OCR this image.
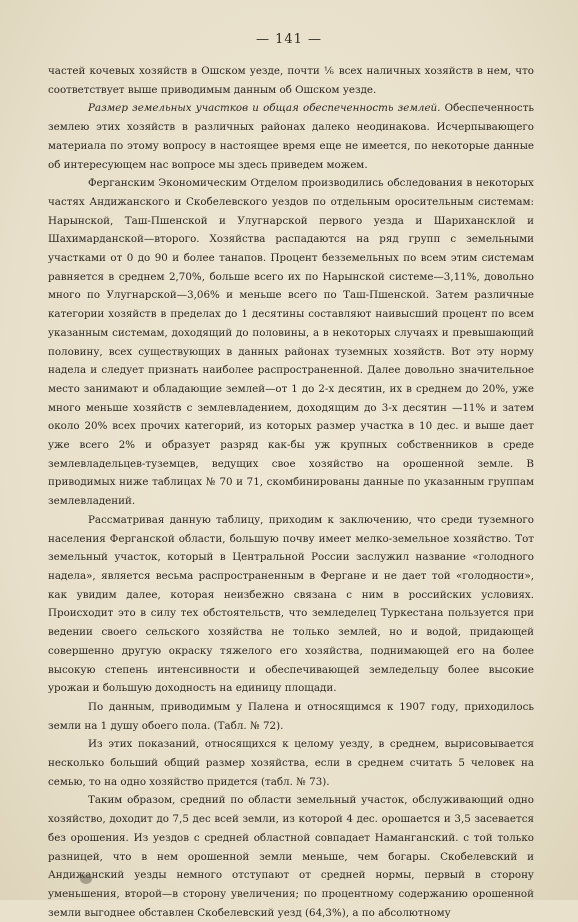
— 141 —

частей кочевых хозяйств в Ошском уезде, почти ⅙ всех наличных хозяйств в нем, что соответствует выше приводимым данным об Ошском уезде.

Размер земельных участков и общая обеспеченность землей. Обеспеченность землею этих хозяйств в различных районах далеко неодинакова. Исчерпывающего материала по этому вопросу в настоящее время еще не имеется, по некоторые данные об интересующем нас вопросе мы здесь приведем можем.

Ферганским Экономическим Отделом производились обследования в некоторых частях Андижанского и Скобелевского уездов по отдельным оросительным системам: Нарынской, Таш-Пшенской и Улугнарской первого уезда и Шарихансклой и Шахимарданской—второго. Хозяйства распадаются на ряд групп с земельными участками от 0 до 90 и более танапов. Процент безземельных по всем этим системам равняется в среднем 2,70%, больше всего их по Нарынской системе—3,11%, довольно много по Улугнарской—3,06% и меньше всего по Таш-Пшенской. Затем различные категории хозяйств в пределах до 1 десятины составляют наивысший процент по всем указанным системам, доходящий до половины, а в некоторых случаях и превышающий половину, всех существующих в данных районах туземных хозяйств. Вот эту норму надела и следует признать наиболее распространенной. Далее довольно значительное место занимают и обладающие землей—от 1 до 2-х десятин, их в среднем до 20%, уже много меньше хозяйств с землевладением, доходящим до 3-х десятин —11% и затем около 20% всех прочих категорий, из которых размер участка в 10 дес. и выше дает уже всего 2% и образует разряд как-бы уж крупных собственников в среде землевладельцев-туземцев, ведущих свое хозяйство на орошенной земле. В приводимых ниже таблицах № 70 и 71, скомбинированы данные по указанным группам землевладений.

Рассматривая данную таблицу, приходим к заключению, что среди туземного населения Ферганской области, большую почву имеет мелко-земельное хозяйство. Тот земельный участок, который в Центральной России заслужил название «голодного надела», является весьма распространенным в Фергане и не дает той «голодности», как увидим далее, которая неизбежно связана с ним в российских условиях. Происходит это в силу тех обстоятельств, что земледелец Туркестана пользуется при ведении своего сельского хозяйства не только землей, но и водой, придающей совершенно другую окраску тяжелого его хозяйства, поднимающей его на более высокую степень интенсивности и обеспечивающей земледельцу более высокие урожаи и большую доходность на единицу площади.

По данным, приводимым у Палена и относящимся к 1907 году, приходилось земли на 1 душу обоего пола. (Табл. № 72).

Из этих показаний, относящихся к целому уезду, в среднем, вырисовывается несколько больший общий размер хозяйства, если в среднем считать 5 человек на семью, то на одно хозяйство придется (табл. № 73).

Таким образом, средний по области земельный участок, обслуживающий одно хозяйство, доходит до 7,5 дес всей земли, из которой 4 дес. орошается и 3,5 засевается без орошения. Из уездов с средней областной совпадает Наманганский. с той только разницей, что в нем орошенной земли меньше, чем богары. Скобелевский и Андижанский уезды немного отступают от средней нормы, первый в сторону уменьшения, второй—в сторону увеличения; по процентному содержанию орошенной земли выгоднее обставлен Скобелевский уезд (64,3%), а по абсолютному
